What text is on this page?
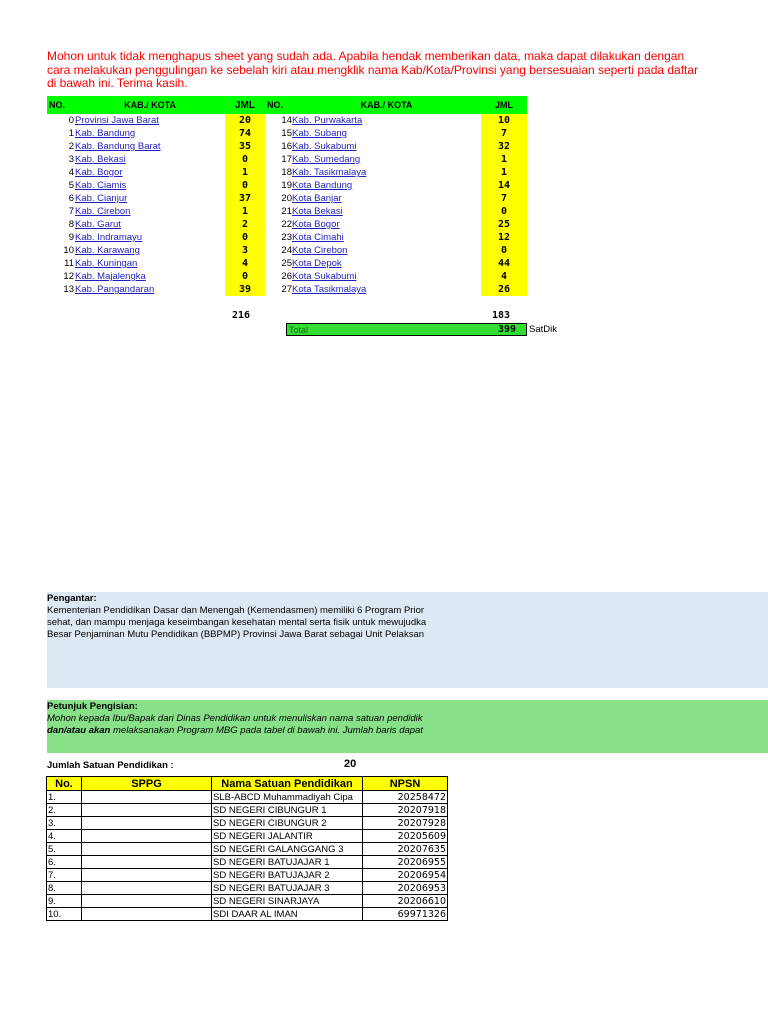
Mohon untuk tidak menghapus sheet yang sudah ada. Apabila hendak memberikan data, maka dapat dilakukan dengan cara melakukan penggulingan ke sebelah kiri atau mengklik nama Kab/Kota/Provinsi yang bersesuaian seperti pada daftar di bawah ini. Terima kasih.
NO.	KAB./ KOTA	JML	NO.	KAB./ KOTA	JML
0	Provinsi Jawa Barat	20	14	Kab. Purwakarta	10
1	Kab. Bandung	74	15	Kab. Subang	7
2	Kab. Bandung Barat	35	16	Kab. Sukabumi	32
3	Kab. Bekasi	0	17	Kab. Sumedang	1
4	Kab. Bogor	1	18	Kab. Tasikmalaya	1
5	Kab. Ciamis	0	19	Kota Bandung	14
6	Kab. Cianjur	37	20	Kota Banjar	7
7	Kab. Cirebon	1	21	Kota Bekasi	0
8	Kab. Garut	2	22	Kota Bogor	25
9	Kab. Indramayu	0	23	Kota Cimahi	12
10	Kab. Karawang	3	24	Kota Cirebon	0
11	Kab. Kuningan	4	25	Kota Depok	44
12	Kab. Majalengka	0	26	Kota Sukabumi	4
13	Kab. Pangandaran	39	27	Kota Tasikmalaya	26
216	183
Total	399 SatDik
Pengantar:
Kementerian Pendidikan Dasar dan Menengah (Kemendasmen) memiliki 6 Program Prior
sehat, dan mampu menjaga keseimbangan kesehatan mental serta fisik untuk mewujudka
Besar Penjaminan Mutu Pendidikan (BBPMP) Provinsi Jawa Barat sebagai Unit Pelaksan
Petunjuk Pengisian:
Mohon kepada Ibu/Bapak dari Dinas Pendidikan untuk menuliskan nama satuan pendidik
dan/atau akan melaksanakan Program MBG pada tabel di bawah ini. Jumlah baris dapat
Jumlah Satuan Pendidikan :	20
No.	SPPG	Nama Satuan Pendidikan	NPSN
1.		SLB-ABCD Muhammadiyah Cipa	20258472
2.		SD NEGERI CIBUNGUR 1	20207918
3.		SD NEGERI CIBUNGUR 2	20207928
4.		SD NEGERI JALANTIR	20205609
5.		SD NEGERI GALANGGANG 3	20207635
6.		SD NEGERI BATUJAJAR 1	20206955
7.		SD NEGERI BATUJAJAR 2	20206954
8.		SD NEGERI BATUJAJAR 3	20206953
9.		SD NEGERI SINARJAYA	20206610
10.		SDI DAAR AL IMAN	69971326
